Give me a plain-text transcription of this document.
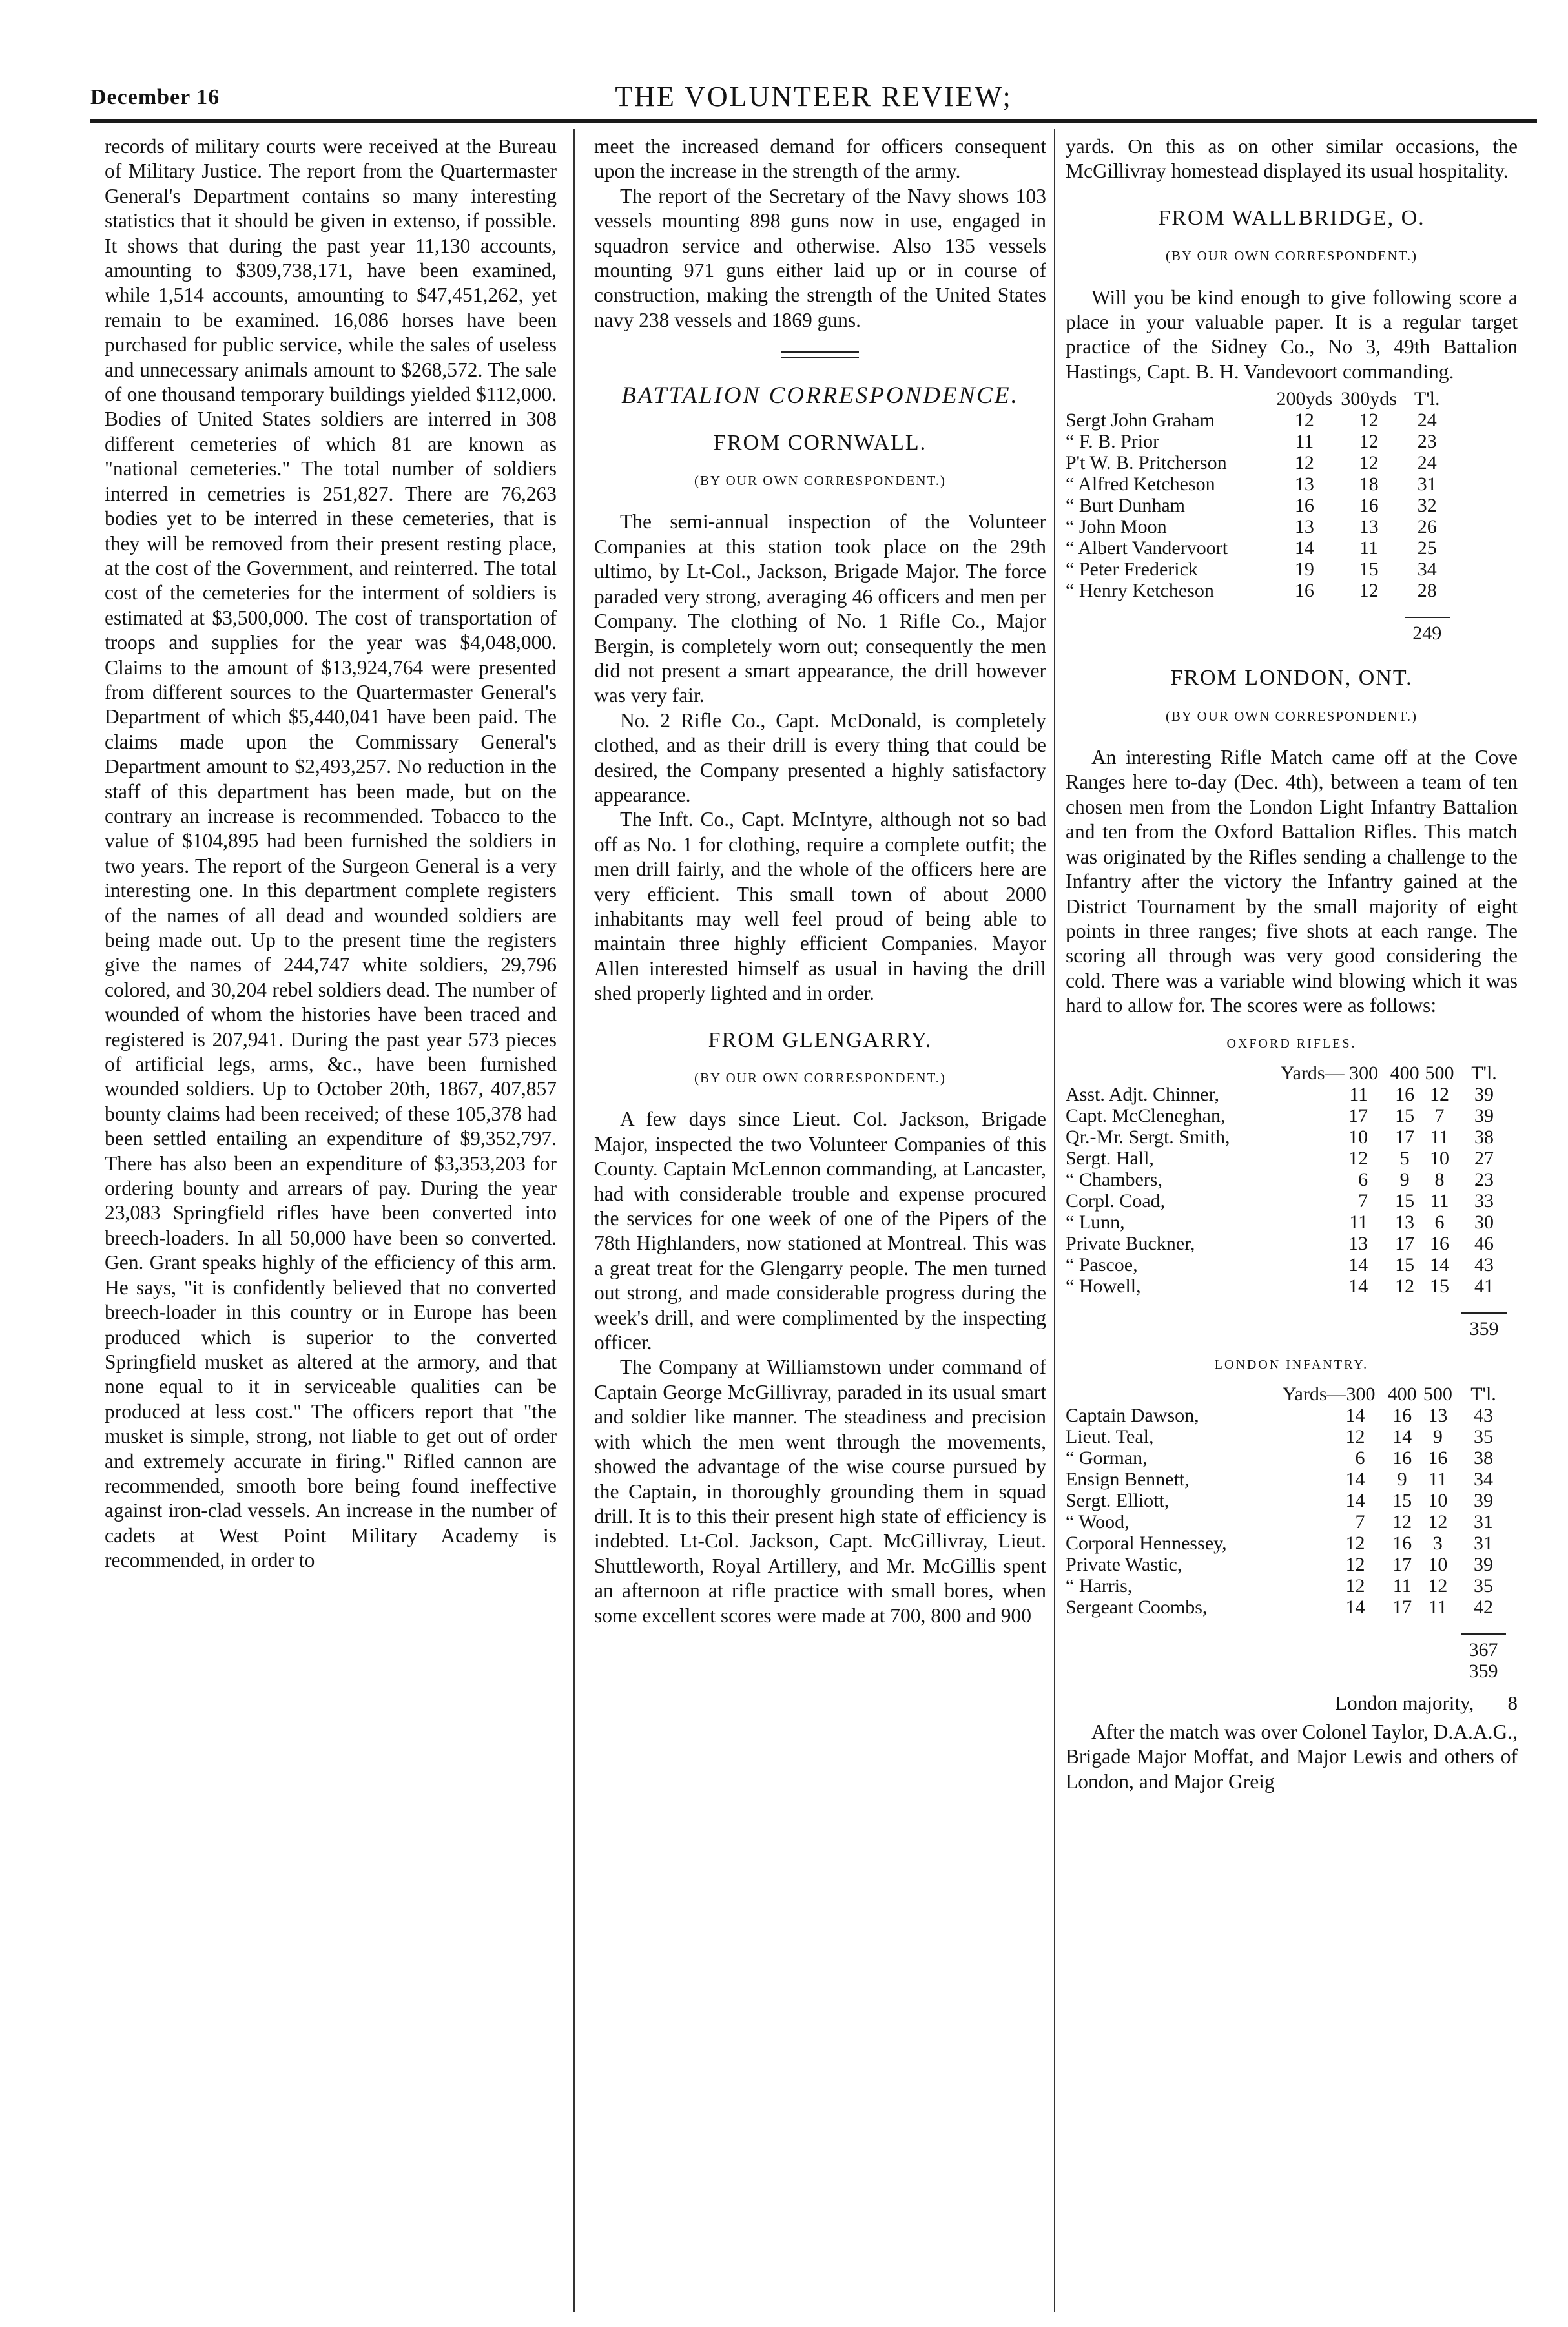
December 16	THE VOLUNTEER REVIEW;

records of military courts were received at the Bureau of Military Justice. The report from the Quartermaster General's Department contains so many interesting statistics that it should be given in extenso, if possible. It shows that during the past year 11,130 accounts, amounting to $309,738,171, have been examined, while 1,514 accounts, amounting to $47,451,262, yet remain to be examined. 16,086 horses have been purchased for public service, while the sales of useless and unnecessary animals amount to $268,572. The sale of one thousand temporary buildings yielded $112,000. Bodies of United States soldiers are interred in 308 different cemeteries of which 81 are known as "national cemeteries." The total number of soldiers interred in cemetries is 251,827. There are 76,263 bodies yet to be interred in these cemeteries, that is they will be removed from their present resting place, at the cost of the Government, and reinterred. The total cost of the cemeteries for the interment of soldiers is estimated at $3,500,000. The cost of transportation of troops and supplies for the year was $4,048,000. Claims to the amount of $13,924,764 were presented from different sources to the Quartermaster General's Department of which $5,440,041 have been paid. The claims made upon the Commissary General's Department amount to $2,493,257. No reduction in the staff of this department has been made, but on the contrary an increase is recommended. Tobacco to the value of $104,895 had been furnished the soldiers in two years. The report of the Surgeon General is a very interesting one. In this department complete registers of the names of all dead and wounded soldiers are being made out. Up to the present time the registers give the names of 244,747 white soldiers, 29,796 colored, and 30,204 rebel soldiers dead. The number of wounded of whom the histories have been traced and registered is 207,941. During the past year 573 pieces of artificial legs, arms, &c., have been furnished wounded soldiers. Up to October 20th, 1867, 407,857 bounty claims had been received; of these 105,378 had been settled entailing an expenditure of $9,352,797. There has also been an expenditure of $3,353,203 for ordering bounty and arrears of pay. During the year 23,083 Springfield rifles have been converted into breech-loaders. In all 50,000 have been so converted. Gen. Grant speaks highly of the efficiency of this arm. He says, "it is confidently believed that no converted breech-loader in this country or in Europe has been produced which is superior to the converted Springfield musket as altered at the armory, and that none equal to it in serviceable qualities can be produced at less cost." The officers report that "the musket is simple, strong, not liable to get out of order and extremely accurate in firing." Rifled cannon are recommended, smooth bore being found ineffective against iron-clad vessels. An increase in the number of cadets at West Point Military Academy is recommended, in order to

meet the increased demand for officers consequent upon the increase in the strength of the army.

The report of the Secretary of the Navy shows 103 vessels mounting 898 guns now in use, engaged in squadron service and otherwise. Also 135 vessels mounting 971 guns either laid up or in course of construction, making the strength of the United States navy 238 vessels and 1869 guns.

BATTALION CORRESPONDENCE.
FROM CORNWALL.
(BY OUR OWN CORRESPONDENT.)

The semi-annual inspection of the Volunteer Companies at this station took place on the 29th ultimo, by Lt-Col., Jackson, Brigade Major. The force paraded very strong, averaging 46 officers and men per Company. The clothing of No. 1 Rifle Co., Major Bergin, is completely worn out; consequently the men did not present a smart appearance, the drill however was very fair.

No. 2 Rifle Co., Capt. McDonald, is completely clothed, and as their drill is every thing that could be desired, the Company presented a highly satisfactory appearance.

The Inft. Co., Capt. McIntyre, although not so bad off as No. 1 for clothing, require a complete outfit; the men drill fairly, and the whole of the officers here are very efficient. This small town of about 2000 inhabitants may well feel proud of being able to maintain three highly efficient Companies. Mayor Allen interested himself as usual in having the drill shed properly lighted and in order.

FROM GLENGARRY.
(BY OUR OWN CORRESPONDENT.)

A few days since Lieut. Col. Jackson, Brigade Major, inspected the two Volunteer Companies of this County. Captain McLennon commanding, at Lancaster, had with considerable trouble and expense procured the services for one week of one of the Pipers of the 78th Highlanders, now stationed at Montreal. This was a great treat for the Glengarry people. The men turned out strong, and made considerable progress during the week's drill, and were complimented by the inspecting officer.

The Company at Williamstown under command of Captain George McGillivray, paraded in its usual smart and soldier like manner. The steadiness and precision with which the men went through the movements, showed the advantage of the wise course pursued by the Captain, in thoroughly grounding them in squad drill. It is to this their present high state of efficiency is indebted. Lt-Col. Jackson, Capt. McGillivray, Lieut. Shuttleworth, Royal Artillery, and Mr. McGillis spent an afternoon at rifle practice with small bores, when some excellent scores were made at 700, 800 and 900

yards. On this as on other similar occasions, the McGillivray homestead displayed its usual hospitality.

FROM WALLBRIDGE, O.
(BY OUR OWN CORRESPONDENT.)

Will you be kind enough to give following score a place in your valuable paper. It is a regular target practice of the Sidney Co., No 3, 49th Battalion Hastings, Capt. B. H. Vandevoort commanding.

	200yds	300yds	T'l.
Sergt John Graham	12	12	24
“ F. B. Prior	11	12	23
P't W. B. Pritcherson	12	12	24
“ Alfred Ketcheson	13	18	31
“ Burt Dunham	16	16	32
“ John Moon	13	13	26
“ Albert Vandervoort	14	11	25
“ Peter Frederick	19	15	34
“ Henry Ketcheson	16	12	28

249
FROM LONDON, ONT.
(BY OUR OWN CORRESPONDENT.)

An interesting Rifle Match came off at the Cove Ranges here to-day (Dec. 4th), between a team of ten chosen men from the London Light Infantry Battalion and ten from the Oxford Battalion Rifles. This match was originated by the Rifles sending a challenge to the Infantry after the victory the Infantry gained at the District Tournament by the small majority of eight points in three ranges; five shots at each range. The scoring all through was very good considering the cold. There was a variable wind blowing which it was hard to allow for. The scores were as follows:

OXFORD RIFLES.
	Yards— 300	400	500	T'l.
Asst. Adjt. Chinner,	11	16	12	39
Capt. McCleneghan,	17	15	7	39
Qr.-Mr. Sergt. Smith,	10	17	11	38
Sergt. Hall,	12	5	10	27
“ Chambers,	6	9	8	23
Corpl. Coad,	7	15	11	33
“ Lunn,	11	13	6	30
Private Buckner,	13	17	16	46
“ Pascoe,	14	15	14	43
“ Howell,	14	12	15	41

359
LONDON INFANTRY.
	Yards—300	400	500	T'l.
Captain Dawson,	14	16	13	43
Lieut. Teal,	12	14	9	35
“ Gorman,	6	16	16	38
Ensign Bennett,	14	9	11	34
Sergt. Elliott,	14	15	10	39
“ Wood,	7	12	12	31
Corporal Hennessey,	12	16	3	31
Private Wastic,	12	17	10	39
“ Harris,	12	11	12	35
Sergeant Coombs,	14	17	11	42

367
359
London majority, 8

After the match was over Colonel Taylor, D.A.A.G., Brigade Major Moffat, and Major Lewis and others of London, and Major Greig
